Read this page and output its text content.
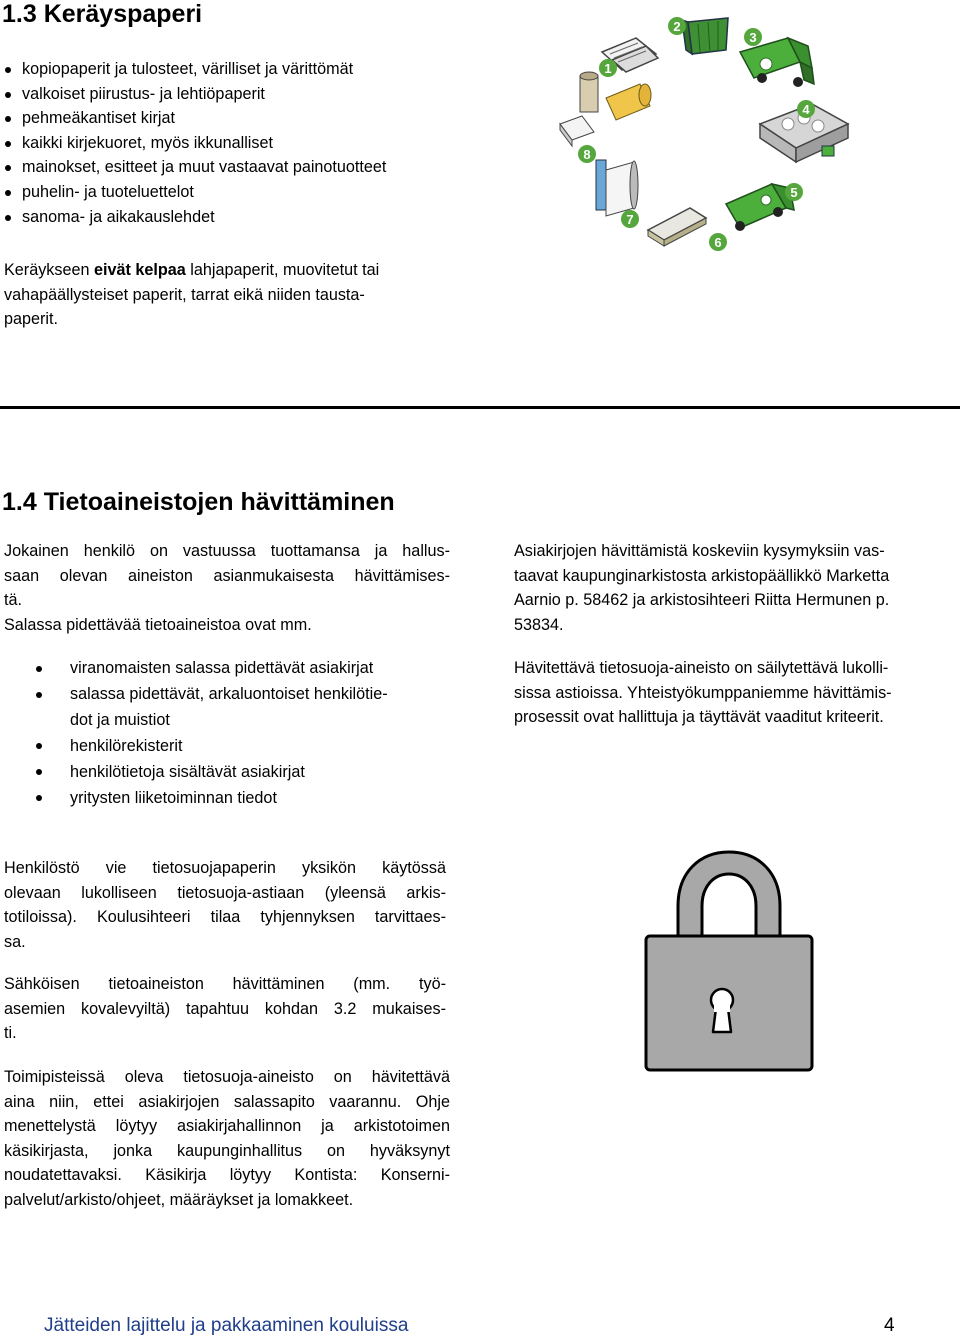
1.3 Keräyspaperi
kopiopaperit ja tulosteet, värilliset ja värittömät
valkoiset piirustus- ja lehtiöpaperit
pehmeäkantiset kirjat
kaikki kirjekuoret, myös ikkunalliset
mainokset, esitteet ja muut vastaavat painotuotteet
puhelin- ja tuoteluettelot
sanoma- ja aikakauslehdet
Keräykseen eivät kelpaa lahjapaperit, muovitetut tai
vahapäällysteiset paperit, tarrat eikä niiden tausta-
paperit.
1
2
3
4
5
6
7
8
1.4 Tietoaineistojen hävittäminen
Jokainen henkilö on vastuussa tuottamansa ja hallus-
saan olevan aineiston asianmukaisesta hävittämises-
tä.
Salassa pidettävää tietoaineistoa ovat mm.
viranomaisten salassa pidettävät asiakirjat
salassa pidettävät, arkaluontoiset henkilötie-
dot ja muistiot
henkilörekisterit
henkilötietoja sisältävät asiakirjat
yritysten liiketoiminnan tiedot
Asiakirjojen hävittämistä koskeviin kysymyksiin vas-
taavat kaupunginarkistosta arkistopäällikkö Marketta
Aarnio p. 58462 ja arkistosihteeri Riitta Hermunen p.
53834.
Hävitettävä tietosuoja-aineisto on säilytettävä lukolli-
sissa astioissa. Yhteistyökumppaniemme hävittämis-
prosessit ovat hallittuja ja täyttävät vaaditut kriteerit.
Henkilöstö vie tietosuojapaperin yksikön käytössä
olevaan lukolliseen tietosuoja-astiaan (yleensä arkis-
totiloissa). Koulusihteeri tilaa tyhjennyksen tarvittaes-
sa.
Sähköisen tietoaineiston hävittäminen (mm. työ-
asemien kovalevyiltä) tapahtuu kohdan 3.2 mukaises-
ti.
Toimipisteissä oleva tietosuoja-aineisto on hävitettävä
aina niin, ettei asiakirjojen salassapito vaarannu. Ohje
menettelystä löytyy asiakirjahallinnon ja arkistotoimen
käsikirjasta, jonka kaupunginhallitus on hyväksynyt
noudatettavaksi. Käsikirja löytyy Kontista: Konserni-
palvelut/arkisto/ohjeet, määräykset ja lomakkeet.
Jätteiden lajittelu ja pakkaaminen kouluissa	4
